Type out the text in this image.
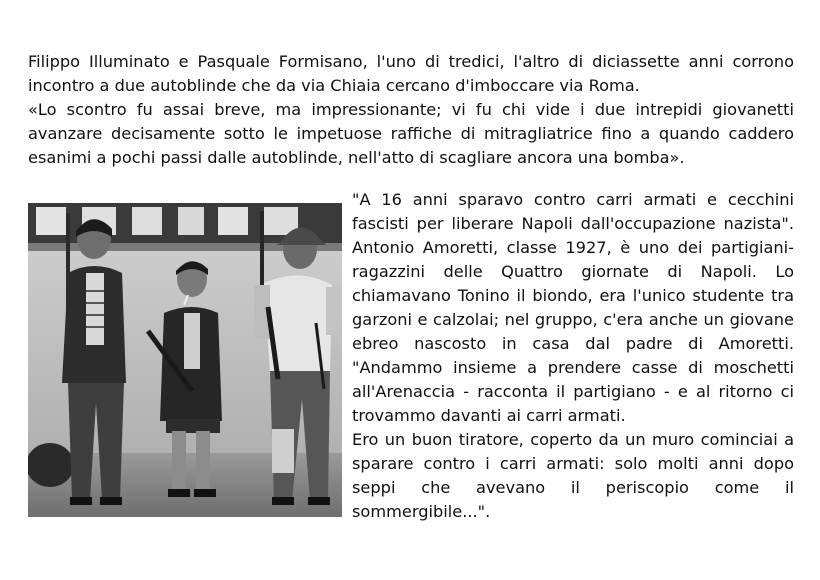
Filippo Illuminato e Pasquale Formisano, l'uno di tredici, l'altro di diciassette anni corrono incontro a due autoblinde che da via Chiaia cercano d'imboccare via Roma.

«Lo scontro fu assai breve, ma impressionante; vi fu chi vide i due intrepidi giovanetti avanzare decisamente sotto le impetuose raffiche di mitragliatrice fino a quando caddero esanimi a pochi passi dalle autoblinde, nell'atto di scagliare ancora una bomba».

"A 16 anni sparavo contro carri armati e cecchini fascisti per liberare Napoli dall'occupazione nazista". Antonio Amoretti, classe 1927, è uno dei partigiani-ragazzini delle Quattro giornate di Napoli. Lo chiamavano Tonino il biondo, era l'unico studente tra garzoni e calzolai; nel gruppo, c'era anche un giovane ebreo nascosto in casa dal padre di Amoretti. "Andammo insieme a prendere casse di moschetti all'Arenaccia - racconta il partigiano - e al ritorno ci trovammo davanti ai carri armati.

Ero un buon tiratore, coperto da un muro cominciai a sparare contro i carri armati: solo molti anni dopo seppi che avevano il periscopio come il sommergibile...".
